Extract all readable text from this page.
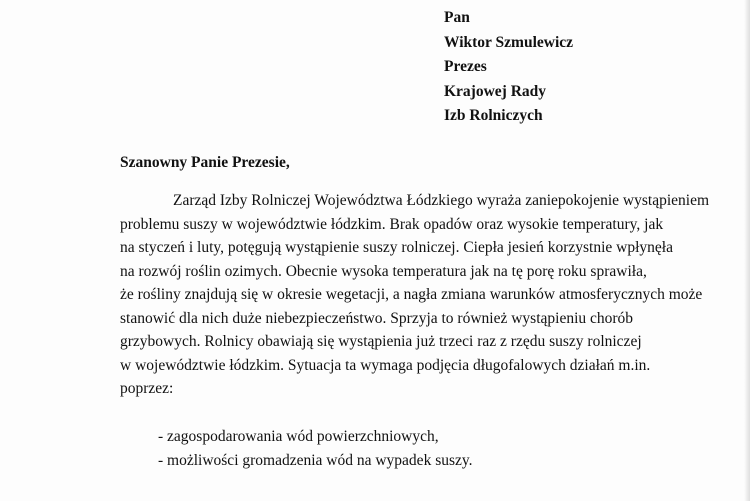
Pan
Wiktor Szmulewicz
Prezes
Krajowej Rady
Izb Rolniczych
Szanowny Panie Prezesie,
Zarząd Izby Rolniczej Województwa Łódzkiego wyraża zaniepokojenie wystąpieniem
problemu suszy w województwie łódzkim. Brak opadów oraz wysokie temperatury, jak
na styczeń i luty, potęgują wystąpienie suszy rolniczej. Ciepła jesień korzystnie wpłynęła
na rozwój roślin ozimych. Obecnie wysoka temperatura jak na tę porę roku sprawiła,
że rośliny znajdują się w okresie wegetacji, a nagła zmiana warunków atmosferycznych może
stanowić dla nich duże niebezpieczeństwo. Sprzyja to również wystąpieniu chorób
grzybowych. Rolnicy obawiają się wystąpienia już trzeci raz z rzędu suszy rolniczej
w województwie łódzkim. Sytuacja ta wymaga podjęcia długofalowych działań m.in.
poprzez:
- zagospodarowania wód powierzchniowych,
- możliwości gromadzenia wód na wypadek suszy.
